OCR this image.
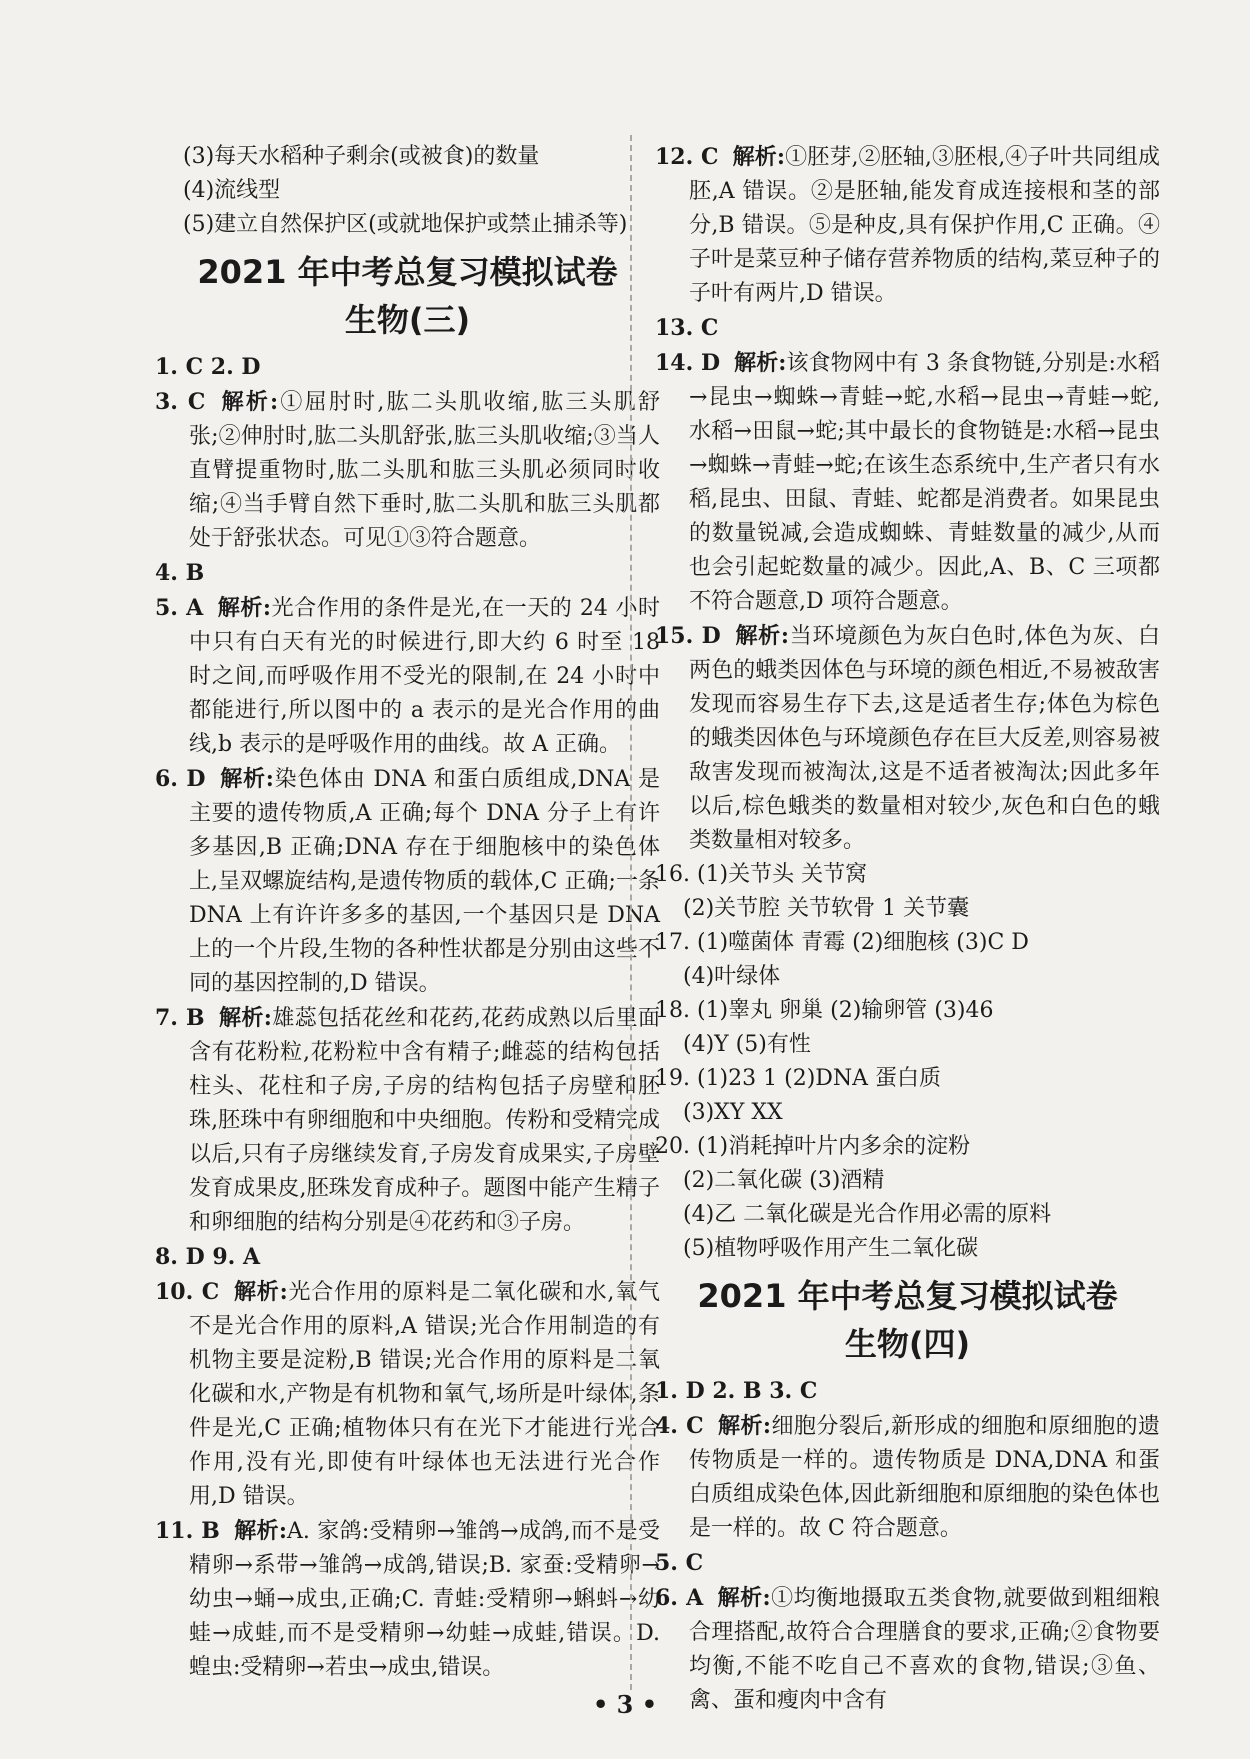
(3)每天水稻种子剩余(或被食)的数量

(4)流线型

(5)建立自然保护区(或就地保护或禁止捕杀等)

2021 年中考总复习模拟试卷
生物(三)

1. C 2. D

3. C 解析:①屈肘时,肱二头肌收缩,肱三头肌舒张;②伸肘时,肱二头肌舒张,肱三头肌收缩;③当人直臂提重物时,肱二头肌和肱三头肌必须同时收缩;④当手臂自然下垂时,肱二头肌和肱三头肌都处于舒张状态。可见①③符合题意。

4. B

5. A 解析:光合作用的条件是光,在一天的 24 小时中只有白天有光的时候进行,即大约 6 时至 18 时之间,而呼吸作用不受光的限制,在 24 小时中都能进行,所以图中的 a 表示的是光合作用的曲线,b 表示的是呼吸作用的曲线。故 A 正确。

6. D 解析:染色体由 DNA 和蛋白质组成,DNA 是主要的遗传物质,A 正确;每个 DNA 分子上有许多基因,B 正确;DNA 存在于细胞核中的染色体上,呈双螺旋结构,是遗传物质的载体,C 正确;一条 DNA 上有许许多多的基因,一个基因只是 DNA 上的一个片段,生物的各种性状都是分别由这些不同的基因控制的,D 错误。

7. B 解析:雄蕊包括花丝和花药,花药成熟以后里面含有花粉粒,花粉粒中含有精子;雌蕊的结构包括柱头、花柱和子房,子房的结构包括子房壁和胚珠,胚珠中有卵细胞和中央细胞。传粉和受精完成以后,只有子房继续发育,子房发育成果实,子房壁发育成果皮,胚珠发育成种子。题图中能产生精子和卵细胞的结构分别是④花药和③子房。

8. D 9. A

10. C 解析:光合作用的原料是二氧化碳和水,氧气不是光合作用的原料,A 错误;光合作用制造的有机物主要是淀粉,B 错误;光合作用的原料是二氧化碳和水,产物是有机物和氧气,场所是叶绿体,条件是光,C 正确;植物体只有在光下才能进行光合作用,没有光,即使有叶绿体也无法进行光合作用,D 错误。

11. B 解析:A. 家鸽:受精卵→雏鸽→成鸽,而不是受精卵→系带→雏鸽→成鸽,错误;B. 家蚕:受精卵→幼虫→蛹→成虫,正确;C. 青蛙:受精卵→蝌蚪→幼蛙→成蛙,而不是受精卵→幼蛙→成蛙,错误。D. 蝗虫:受精卵→若虫→成虫,错误。

12. C 解析:①胚芽,②胚轴,③胚根,④子叶共同组成胚,A 错误。②是胚轴,能发育成连接根和茎的部分,B 错误。⑤是种皮,具有保护作用,C 正确。④子叶是菜豆种子储存营养物质的结构,菜豆种子的子叶有两片,D 错误。

13. C

14. D 解析:该食物网中有 3 条食物链,分别是:水稻→昆虫→蜘蛛→青蛙→蛇,水稻→昆虫→青蛙→蛇,水稻→田鼠→蛇;其中最长的食物链是:水稻→昆虫→蜘蛛→青蛙→蛇;在该生态系统中,生产者只有水稻,昆虫、田鼠、青蛙、蛇都是消费者。如果昆虫的数量锐减,会造成蜘蛛、青蛙数量的减少,从而也会引起蛇数量的减少。因此,A、B、C 三项都不符合题意,D 项符合题意。

15. D 解析:当环境颜色为灰白色时,体色为灰、白两色的蛾类因体色与环境的颜色相近,不易被敌害发现而容易生存下去,这是适者生存;体色为棕色的蛾类因体色与环境颜色存在巨大反差,则容易被敌害发现而被淘汰,这是不适者被淘汰;因此多年以后,棕色蛾类的数量相对较少,灰色和白色的蛾类数量相对较多。

16. (1)关节头 关节窝

(2)关节腔 关节软骨 1 关节囊

17. (1)噬菌体 青霉 (2)细胞核 (3)C D

(4)叶绿体

18. (1)睾丸 卵巢 (2)输卵管 (3)46

(4)Y (5)有性

19. (1)23 1 (2)DNA 蛋白质

(3)XY XX

20. (1)消耗掉叶片内多余的淀粉

(2)二氧化碳 (3)酒精

(4)乙 二氧化碳是光合作用必需的原料

(5)植物呼吸作用产生二氧化碳

2021 年中考总复习模拟试卷
生物(四)

1. D 2. B 3. C

4. C 解析:细胞分裂后,新形成的细胞和原细胞的遗传物质是一样的。遗传物质是 DNA,DNA 和蛋白质组成染色体,因此新细胞和原细胞的染色体也是一样的。故 C 符合题意。

5. C

6. A 解析:①均衡地摄取五类食物,就要做到粗细粮合理搭配,故符合合理膳食的要求,正确;②食物要均衡,不能不吃自己不喜欢的食物,错误;③鱼、禽、蛋和瘦肉中含有

• 3 •
